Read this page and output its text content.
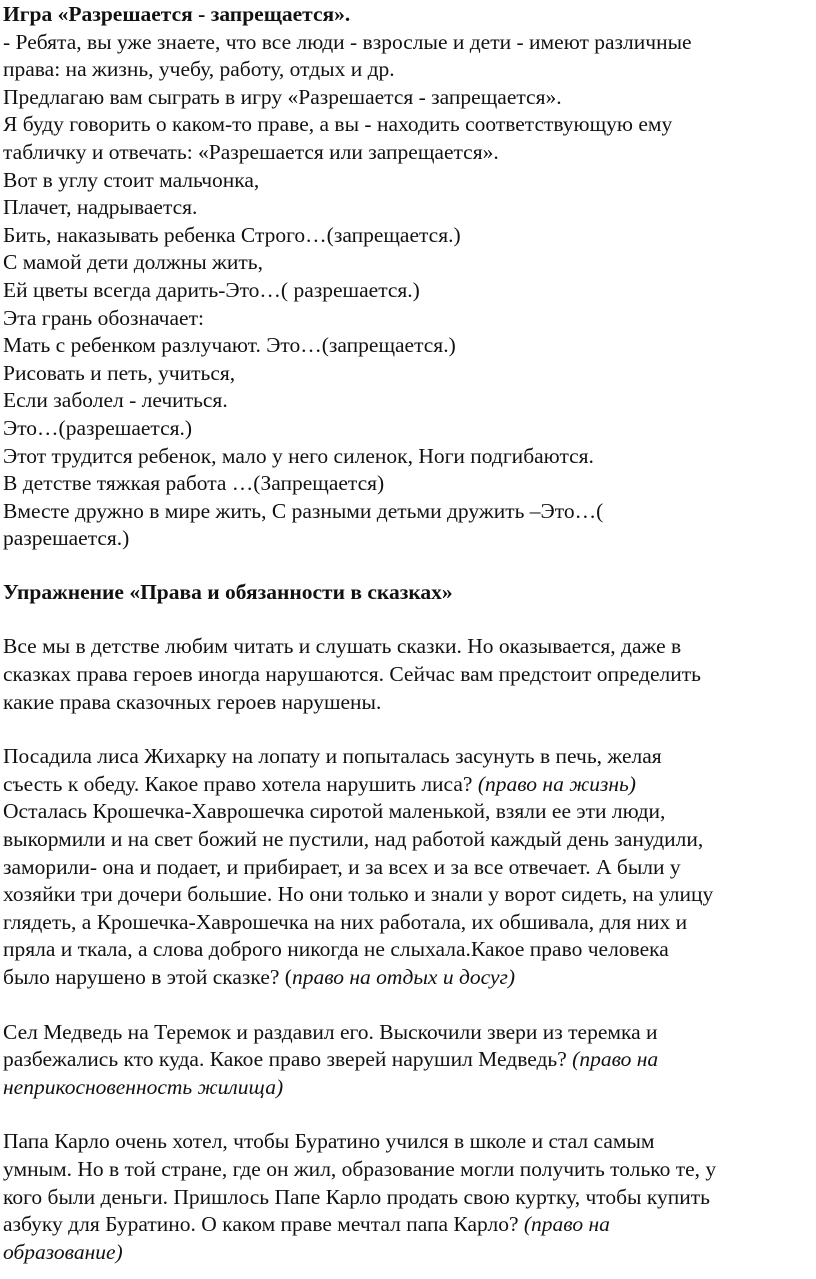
Игра «Разрешается - запрещается».
- Ребята, вы уже знаете, что все люди - взрослые и дети - имеют различные
права: на жизнь, учебу, работу, отдых и др.
Предлагаю вам сыграть в игру «Разрешается - запрещается».
Я буду говорить о каком-то праве, а вы - находить соответствующую ему
табличку и отвечать: «Разрешается или запрещается».
Вот в углу стоит мальчонка,
Плачет, надрывается.
Бить, наказывать ребенка Строго…(запрещается.)
С мамой дети должны жить,
Ей цветы всегда дарить-Это…( разрешается.)
Эта грань обозначает:
Мать с ребенком разлучают. Это…(запрещается.)
Рисовать и петь, учиться,
Если заболел - лечиться.
Это…(разрешается.)
Этот трудится ребенок, мало у него силенок, Ноги подгибаются.
В детстве тяжкая работа …(Запрещается)
Вместе дружно в мире жить, С разными детьми дружить –Это…(
разрешается.)
Упражнение «Права и обязанности в сказках»
Все мы в детстве любим читать и слушать сказки. Но оказывается, даже в
сказках права героев иногда нарушаются. Сейчас вам предстоит определить
какие права сказочных героев нарушены.
Посадила лиса Жихарку на лопату и попыталась засунуть в печь, желая
съесть к обеду. Какое право хотела нарушить лиса? (право на жизнь)
Осталась Крошечка-Хаврошечка сиротой маленькой, взяли ее эти люди,
выкормили и на свет божий не пустили, над работой каждый день занудили,
заморили- она и подает, и прибирает, и за всех и за все отвечает. А были у
хозяйки три дочери большие. Но они только и знали у ворот сидеть, на улицу
глядеть, а Крошечка-Хаврошечка на них работала, их обшивала, для них и
пряла и ткала, а слова доброго никогда не слыхала.Какое право человека
было нарушено в этой сказке? (право на отдых и досуг)
Сел Медведь на Теремок и раздавил его. Выскочили звери из теремка и
разбежались кто куда. Какое право зверей нарушил Медведь? (право на
неприкосновенность жилища)
Папа Карло очень хотел, чтобы Буратино учился в школе и стал самым
умным. Но в той стране, где он жил, образование могли получить только те, у
кого были деньги. Пришлось Папе Карло продать свою куртку, чтобы купить
азбуку для Буратино. О каком праве мечтал папа Карло? (право на
образование)
